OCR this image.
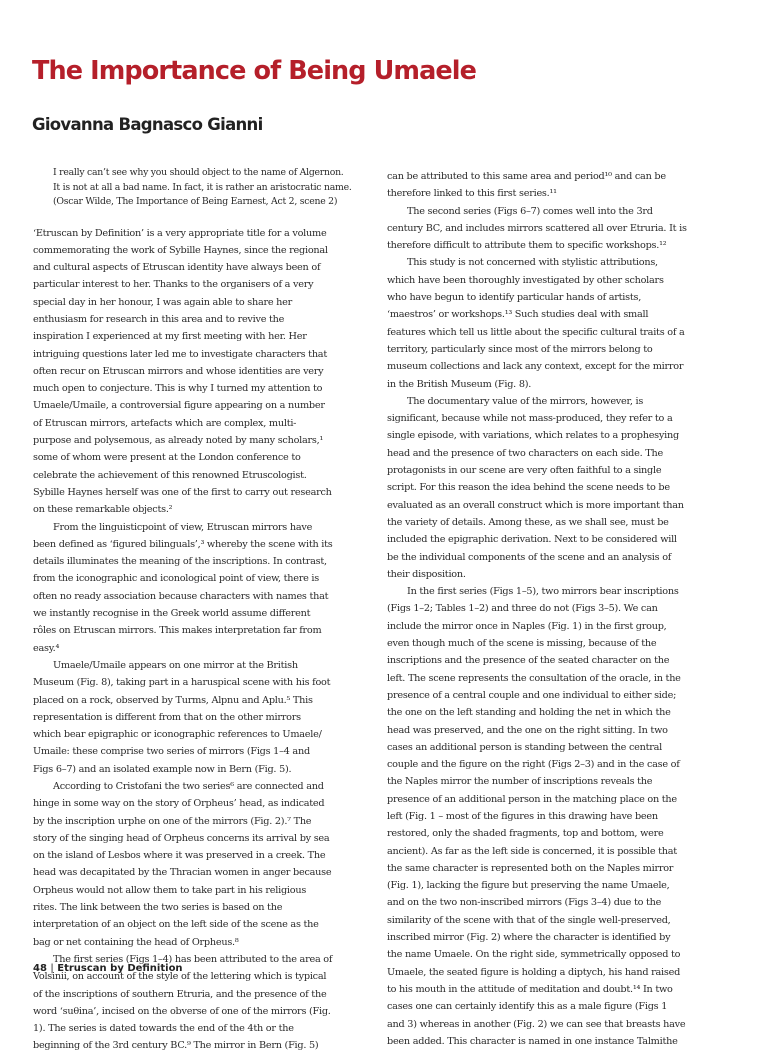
The Importance of Being Umaele
Giovanna Bagnasco Gianni
I really can’t see why you should object to the name of Algernon.
It is not at all a bad name. In fact, it is rather an aristocratic name.
(Oscar Wilde, The Importance of Being Earnest, Act 2, scene 2)
‘Etruscan by Definition’ is a very appropriate title for a volume
commemorating the work of Sybille Haynes, since the regional
and cultural aspects of Etruscan identity have always been of
particular interest to her. Thanks to the organisers of a very
special day in her honour, I was again able to share her
enthusiasm for research in this area and to revive the
inspiration I experienced at my first meeting with her. Her
intriguing questions later led me to investigate characters that
often recur on Etruscan mirrors and whose identities are very
much open to conjecture. This is why I turned my attention to
Umaele/Umaile, a controversial figure appearing on a number
of Etruscan mirrors, artefacts which are complex, multi-
purpose and polysemous, as already noted by many scholars,¹
some of whom were present at the London conference to
celebrate the achievement of this renowned Etruscologist.
Sybille Haynes herself was one of the first to carry out research
on these remarkable objects.²
From the linguisticpoint of view, Etruscan mirrors have
been defined as ‘figured bilinguals’,³ whereby the scene with its
details illuminates the meaning of the inscriptions. In contrast,
from the iconographic and iconological point of view, there is
often no ready association because characters with names that
we instantly recognise in the Greek world assume different
rôles on Etruscan mirrors. This makes interpretation far from
easy.⁴
Umaele/Umaile appears on one mirror at the British
Museum (Fig. 8), taking part in a haruspical scene with his foot
placed on a rock, observed by Turms, Alpnu and Aplu.⁵ This
representation is different from that on the other mirrors
which bear epigraphic or iconographic references to Umaele/
Umaile: these comprise two series of mirrors (Figs 1–4 and
Figs 6–7) and an isolated example now in Bern (Fig. 5).
According to Cristofani the two series⁶ are connected and
hinge in some way on the story of Orpheus’ head, as indicated
by the inscription urphe on one of the mirrors (Fig. 2).⁷ The
story of the singing head of Orpheus concerns its arrival by sea
on the island of Lesbos where it was preserved in a creek. The
head was decapitated by the Thracian women in anger because
Orpheus would not allow them to take part in his religious
rites. The link between the two series is based on the
interpretation of an object on the left side of the scene as the
bag or net containing the head of Orpheus.⁸
The first series (Figs 1–4) has been attributed to the area of
Volsinii, on account of the style of the lettering which is typical
of the inscriptions of southern Etruria, and the presence of the
word ‘suθina’, incised on the obverse of one of the mirrors (Fig.
1). The series is dated towards the end of the 4th or the
beginning of the 3rd century BC.⁹ The mirror in Bern (Fig. 5)
can be attributed to this same area and period¹⁰ and can be
therefore linked to this first series.¹¹
The second series (Figs 6–7) comes well into the 3rd
century BC, and includes mirrors scattered all over Etruria. It is
therefore difficult to attribute them to specific workshops.¹²
This study is not concerned with stylistic attributions,
which have been thoroughly investigated by other scholars
who have begun to identify particular hands of artists,
‘maestros’ or workshops.¹³ Such studies deal with small
features which tell us little about the specific cultural traits of a
territory, particularly since most of the mirrors belong to
museum collections and lack any context, except for the mirror
in the British Museum (Fig. 8).
The documentary value of the mirrors, however, is
significant, because while not mass-produced, they refer to a
single episode, with variations, which relates to a prophesying
head and the presence of two characters on each side. The
protagonists in our scene are very often faithful to a single
script. For this reason the idea behind the scene needs to be
evaluated as an overall construct which is more important than
the variety of details. Among these, as we shall see, must be
included the epigraphic derivation. Next to be considered will
be the individual components of the scene and an analysis of
their disposition.
In the first series (Figs 1–5), two mirrors bear inscriptions
(Figs 1–2; Tables 1–2) and three do not (Figs 3–5). We can
include the mirror once in Naples (Fig. 1) in the first group,
even though much of the scene is missing, because of the
inscriptions and the presence of the seated character on the
left. The scene represents the consultation of the oracle, in the
presence of a central couple and one individual to either side;
the one on the left standing and holding the net in which the
head was preserved, and the one on the right sitting. In two
cases an additional person is standing between the central
couple and the figure on the right (Figs 2–3) and in the case of
the Naples mirror the number of inscriptions reveals the
presence of an additional person in the matching place on the
left (Fig. 1 – most of the figures in this drawing have been
restored, only the shaded fragments, top and bottom, were
ancient). As far as the left side is concerned, it is possible that
the same character is represented both on the Naples mirror
(Fig. 1), lacking the figure but preserving the name Umaele,
and on the two non-inscribed mirrors (Figs 3–4) due to the
similarity of the scene with that of the single well-preserved,
inscribed mirror (Fig. 2) where the character is identified by
the name Umaele. On the right side, symmetrically opposed to
Umaele, the seated figure is holding a diptych, his hand raised
to his mouth in the attitude of meditation and doubt.¹⁴ In two
cases one can certainly identify this as a male figure (Figs 1
and 3) whereas in another (Fig. 2) we can see that breasts have
been added. This character is named in one instance Talmithe
48 | Etruscan by Definition
